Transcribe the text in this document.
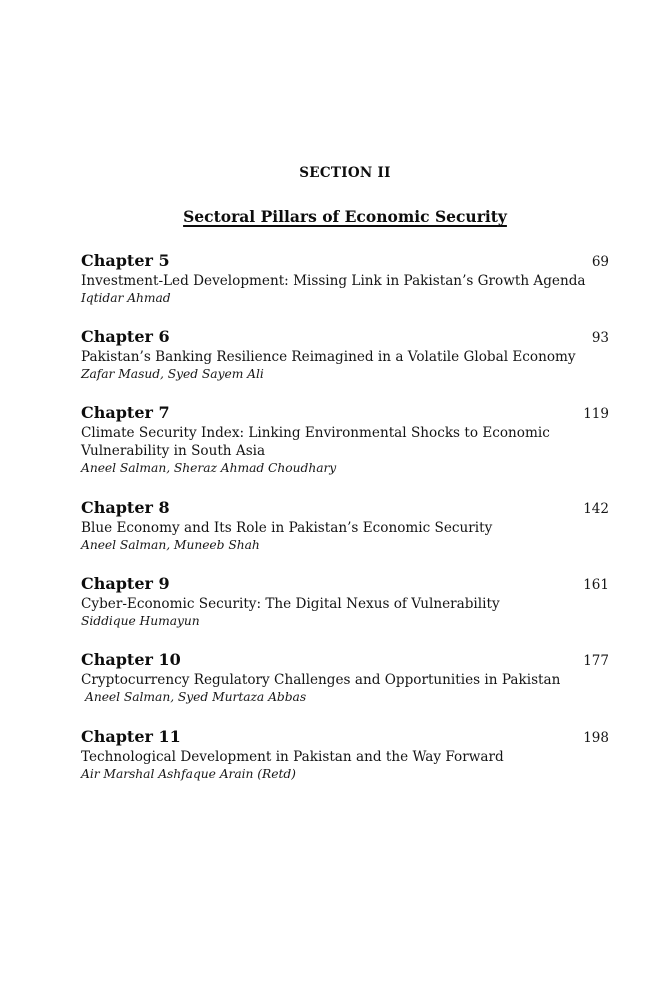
SECTION II
Sectoral Pillars of Economic Security
Chapter 5	69

Investment-Led Development: Missing Link in Pakistan’s Growth Agenda

Iqtidar Ahmad

Chapter 6	93

Pakistan’s Banking Resilience Reimagined in a Volatile Global Economy

Zafar Masud, Syed Sayem Ali

Chapter 7	119

Climate Security Index: Linking Environmental Shocks to Economic Vulnerability in South Asia

Aneel Salman, Sheraz Ahmad Choudhary

Chapter 8	142

Blue Economy and Its Role in Pakistan’s Economic Security

Aneel Salman, Muneeb Shah

Chapter 9	161

Cyber-Economic Security: The Digital Nexus of Vulnerability

Siddique Humayun

Chapter 10	177

Cryptocurrency Regulatory Challenges and Opportunities in Pakistan

Aneel Salman, Syed Murtaza Abbas

Chapter 11	198

Technological Development in Pakistan and the Way Forward

Air Marshal Ashfaque Arain (Retd)
